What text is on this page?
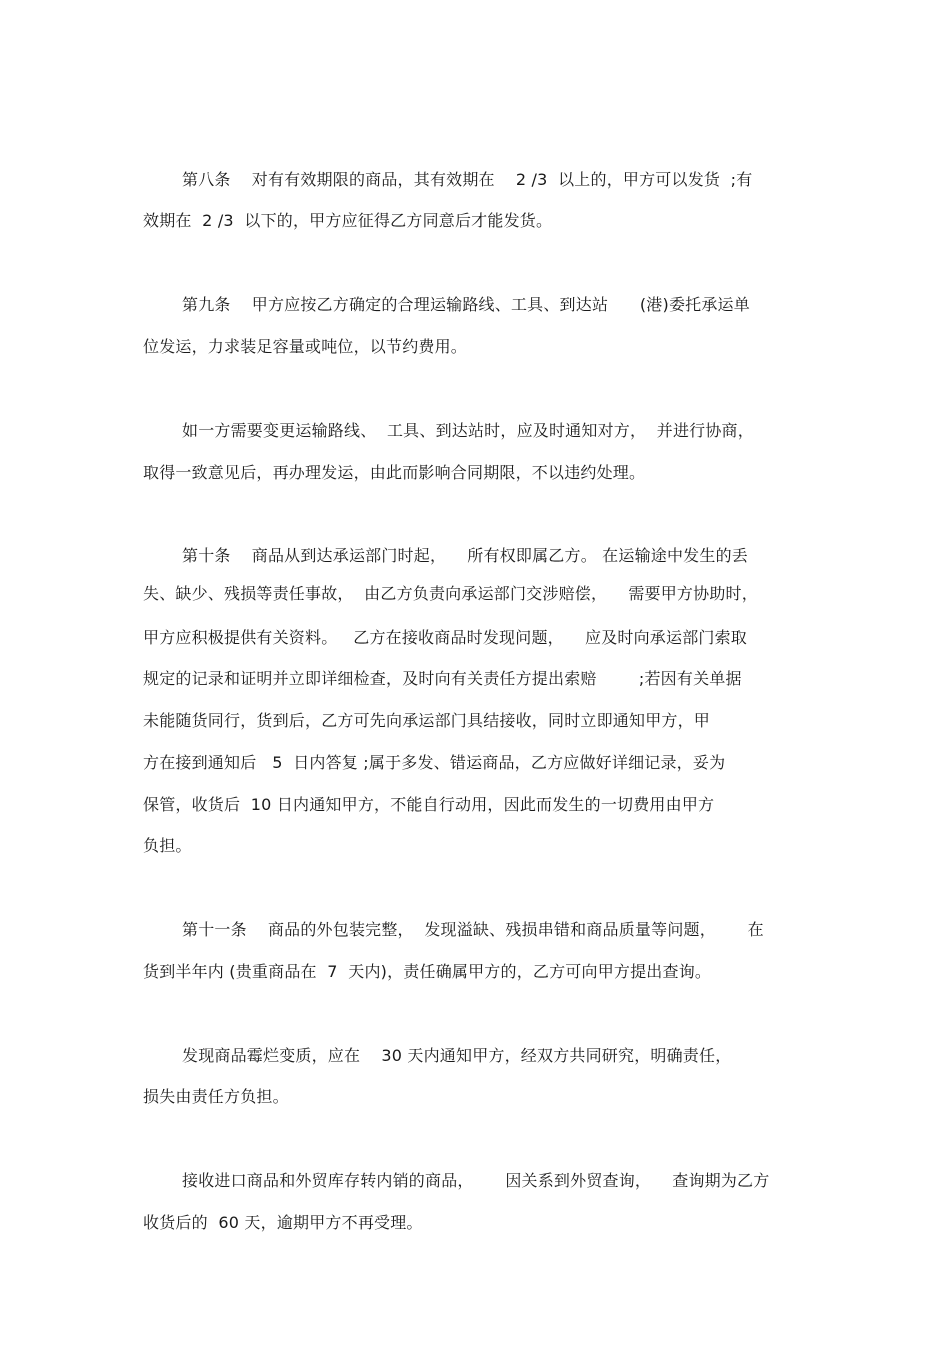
第八条    对有有效期限的商品，其有效期在    2 /3  以上的，甲方可以发货  ;有
效期在  2 /3  以下的，甲方应征得乙方同意后才能发货。
第九条    甲方应按乙方确定的合理运输路线、工具、到达站      (港)委托承运单
位发运，力求装足容量或吨位，以节约费用。
如一方需要变更运输路线、  工具、到达站时，应及时通知对方，  并进行协商，
取得一致意见后，再办理发运，由此而影响合同期限，不以违约处理。
第十条    商品从到达承运部门时起，    所有权即属乙方。 在运输途中发生的丢
失、缺少、残损等责任事故，  由乙方负责向承运部门交涉赔偿，    需要甲方协助时，
甲方应积极提供有关资料。   乙方在接收商品时发现问题，    应及时向承运部门索取
规定的记录和证明并立即详细检查，及时向有关责任方提出索赔        ;若因有关单据
未能随货同行，货到后，乙方可先向承运部门具结接收，同时立即通知甲方，甲
方在接到通知后   5  日内答复 ;属于多发、错运商品，乙方应做好详细记录，妥为
保管，收货后  10 日内通知甲方，不能自行动用，因此而发生的一切费用由甲方
负担。
第十一条    商品的外包装完整，  发现溢缺、残损串错和商品质量等问题，      在
货到半年内 (贵重商品在  7  天内)，责任确属甲方的，乙方可向甲方提出查询。
发现商品霉烂变质，应在    30 天内通知甲方，经双方共同研究，明确责任，
损失由责任方负担。
接收进口商品和外贸库存转内销的商品，      因关系到外贸查询，    查询期为乙方
收货后的  60 天，逾期甲方不再受理。
